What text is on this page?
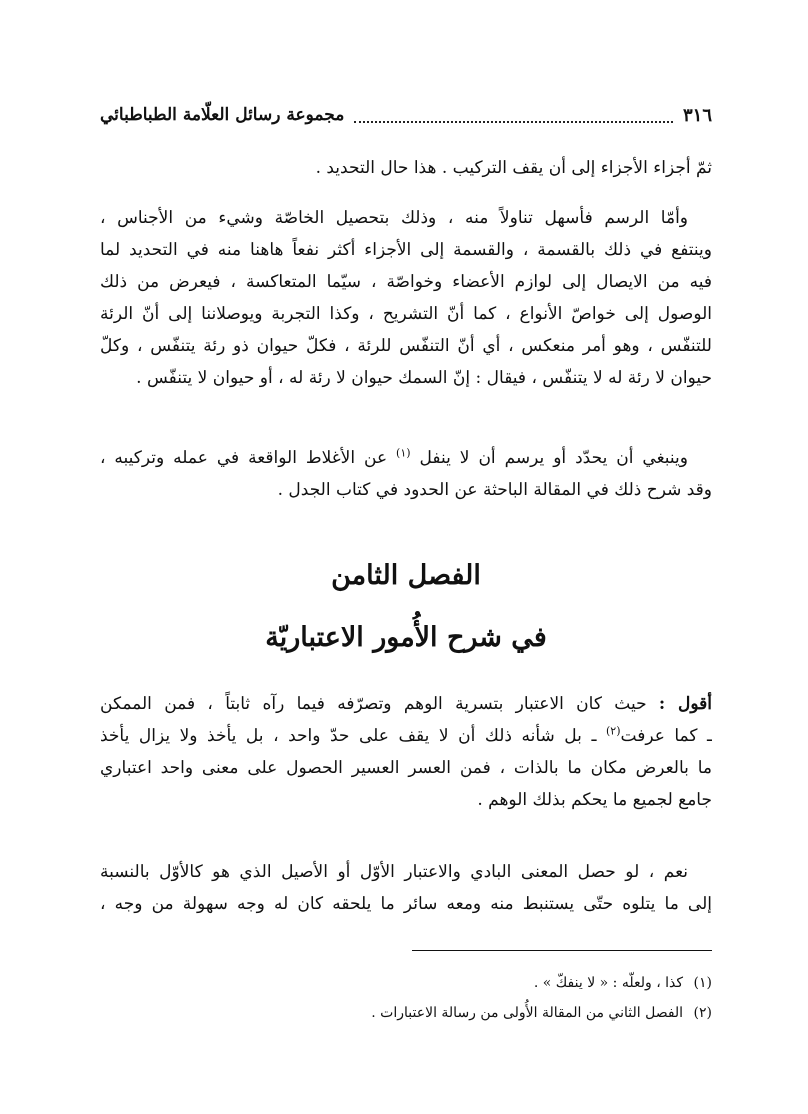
٣١٦
مجموعة رسائل العلّامة الطباطبائي
ثمّ أجزاء الأجزاء إلى أن يقف التركيب . هذا حال التحديد .
وأمّا الرسم فأسهل تناولاً منه ، وذلك بتحصيل الخاصّة وشيء من الأجناس ،
وينتفع في ذلك بالقسمة ، والقسمة إلى الأجزاء أكثر نفعاً هاهنا منه في التحديد لما
فيه من الايصال إلى لوازم الأعضاء وخواصّة ، سيّما المتعاكسة ، فيعرض من ذلك
الوصول إلى خواصّ الأنواع ، كما أنّ التشريح ، وكذا التجربة ويوصلاننا إلى أنّ الرئة
للتنفّس ، وهو أمر منعكس ، أي أنّ التنفّس للرئة ، فكلّ حيوان ذو رئة يتنفّس ، وكلّ
حيوان لا رئة له لا يتنفّس ، فيقال : إنّ السمك حيوان لا رئة له ، أو حيوان لا يتنفّس .
وينبغي أن يحدّد أو يرسم أن لا ينفل $^{(١)}$ عن الأغلاط الواقعة في عمله وتركيبه ،
وقد شرح ذلك في المقالة الباحثة عن الحدود في كتاب الجدل .
الفصل الثامن
في شرح الأُمور الاعتباريّة
أقول : حيث كان الاعتبار بتسرية الوهم وتصرّفه فيما رآه ثابتاً ، فمن الممكن
ـ كما عرفت$^{(٢)}$ ـ بل شأنه ذلك أن لا يقف على حدّ واحد ، بل يأخذ ولا يزال يأخذ
ما بالعرض مكان ما بالذات ، فمن العسر العسير الحصول على معنى واحد اعتباري
جامع لجميع ما يحكم بذلك الوهم .
نعم ، لو حصل المعنى البادي والاعتبار الأوّل أو الأصيل الذي هو كالأوّل بالنسبة
إلى ما يتلوه حتّى يستنبط منه ومعه سائر ما يلحقه كان له وجه سهولة من وجه ،
(١) كذا ، ولعلّه : « لا ينفكّ » .
(٢) الفصل الثاني من المقالة الأُولى من رسالة الاعتبارات .
